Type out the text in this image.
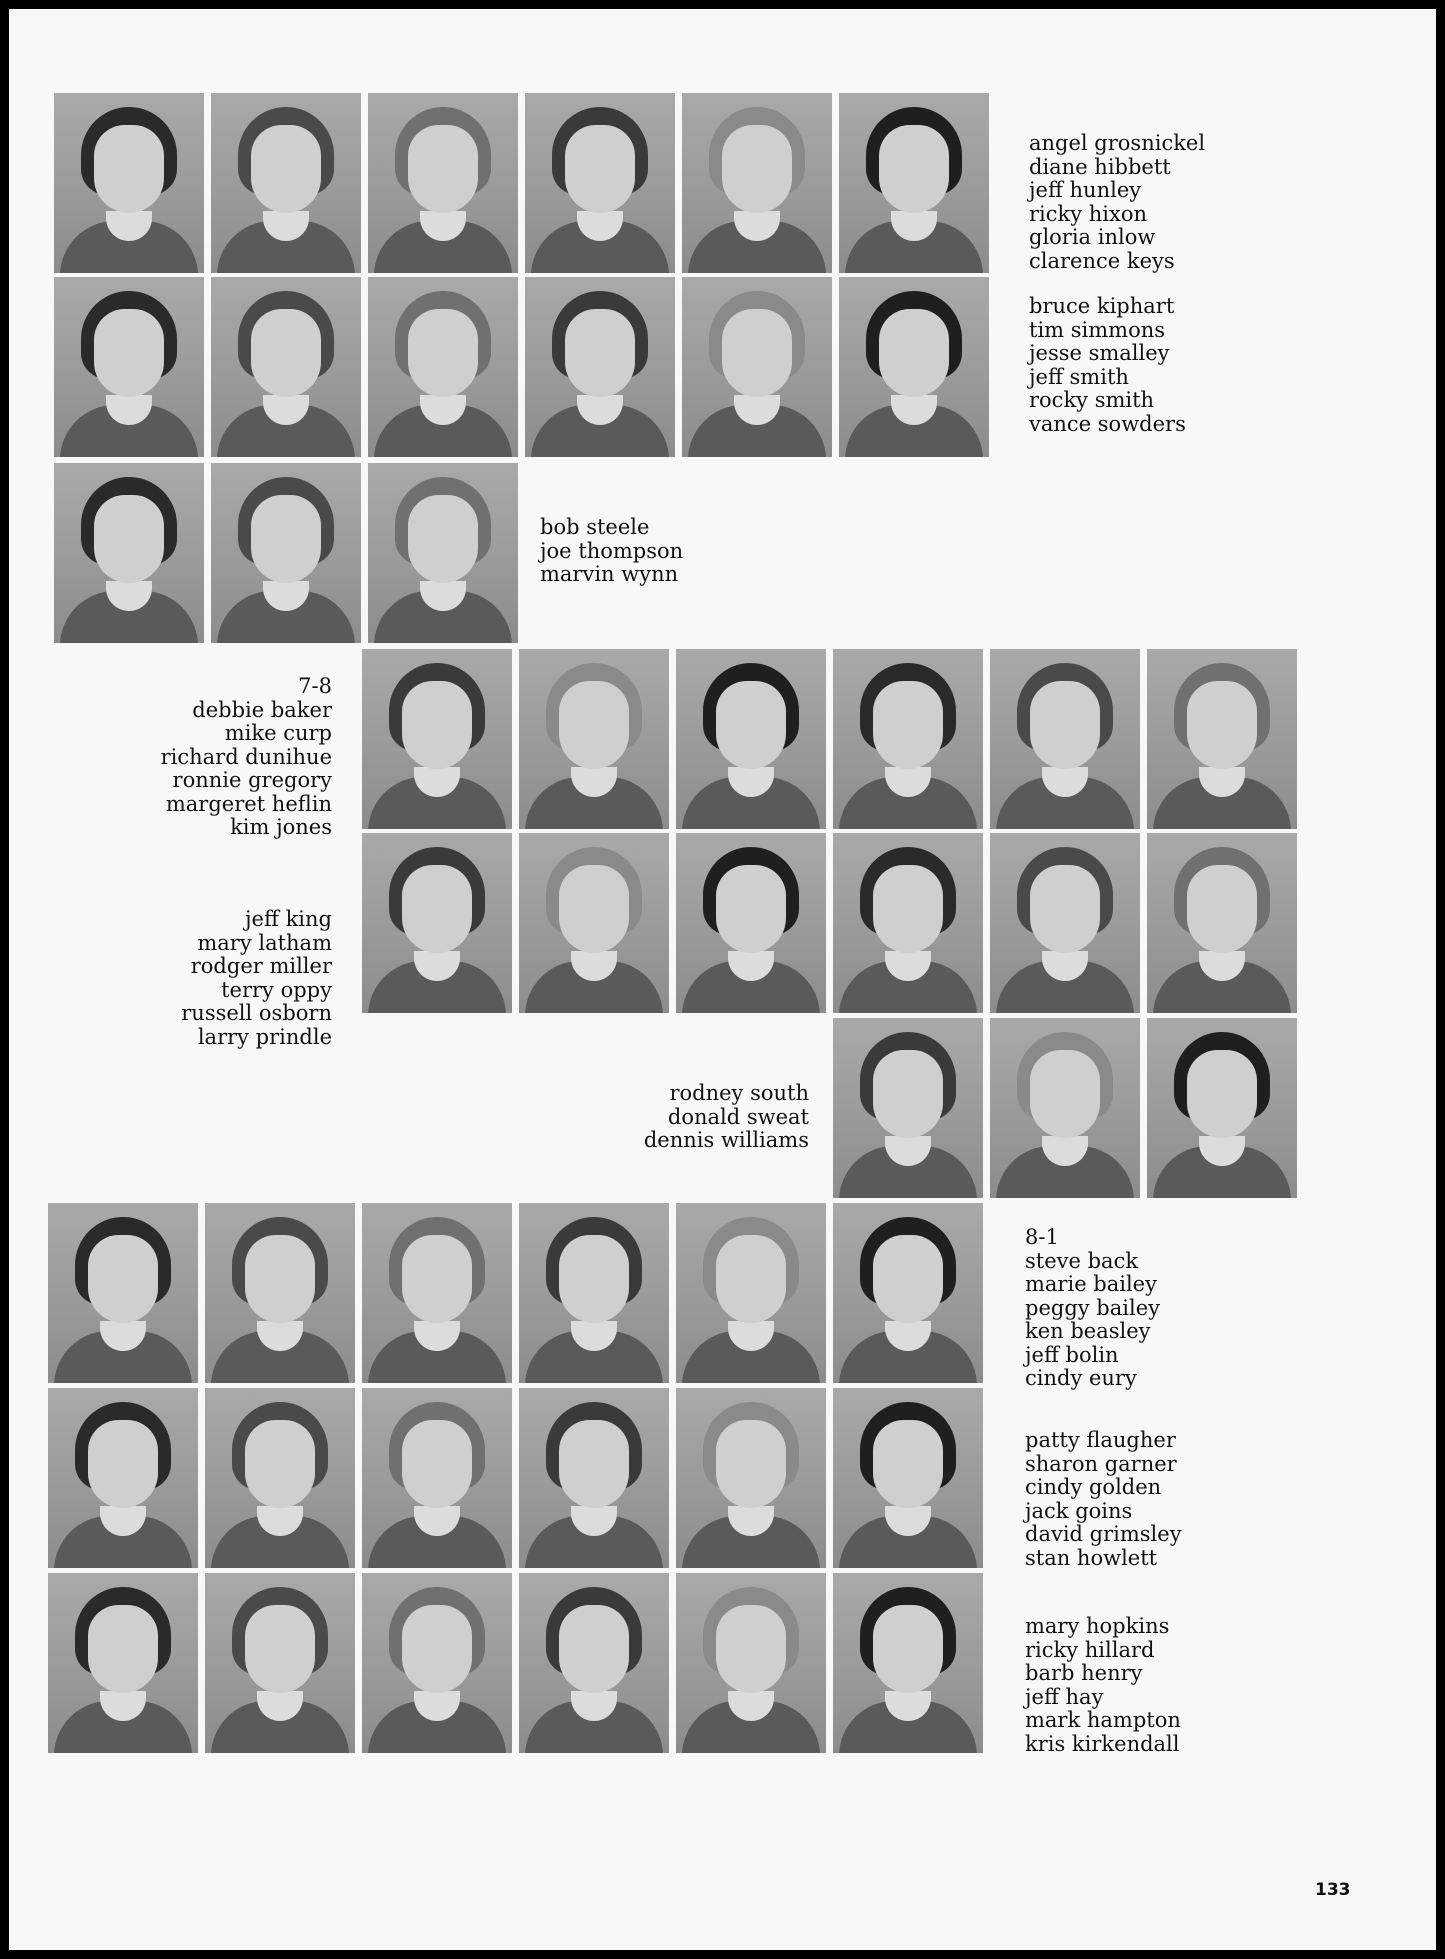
angel grosnickel
diane hibbett
jeff hunley
ricky hixon
gloria inlow
clarence keys
bruce kiphart
tim simmons
jesse smalley
jeff smith
rocky smith
vance sowders
bob steele
joe thompson
marvin wynn
7-8
debbie baker
mike curp
richard dunihue
ronnie gregory
margeret heflin
kim jones
jeff king
mary latham
rodger miller
terry oppy
russell osborn
larry prindle
rodney south
donald sweat
dennis williams
8-1
steve back
marie bailey
peggy bailey
ken beasley
jeff bolin
cindy eury
patty flaugher
sharon garner
cindy golden
jack goins
david grimsley
stan howlett
mary hopkins
ricky hillard
barb henry
jeff hay
mark hampton
kris kirkendall
133
